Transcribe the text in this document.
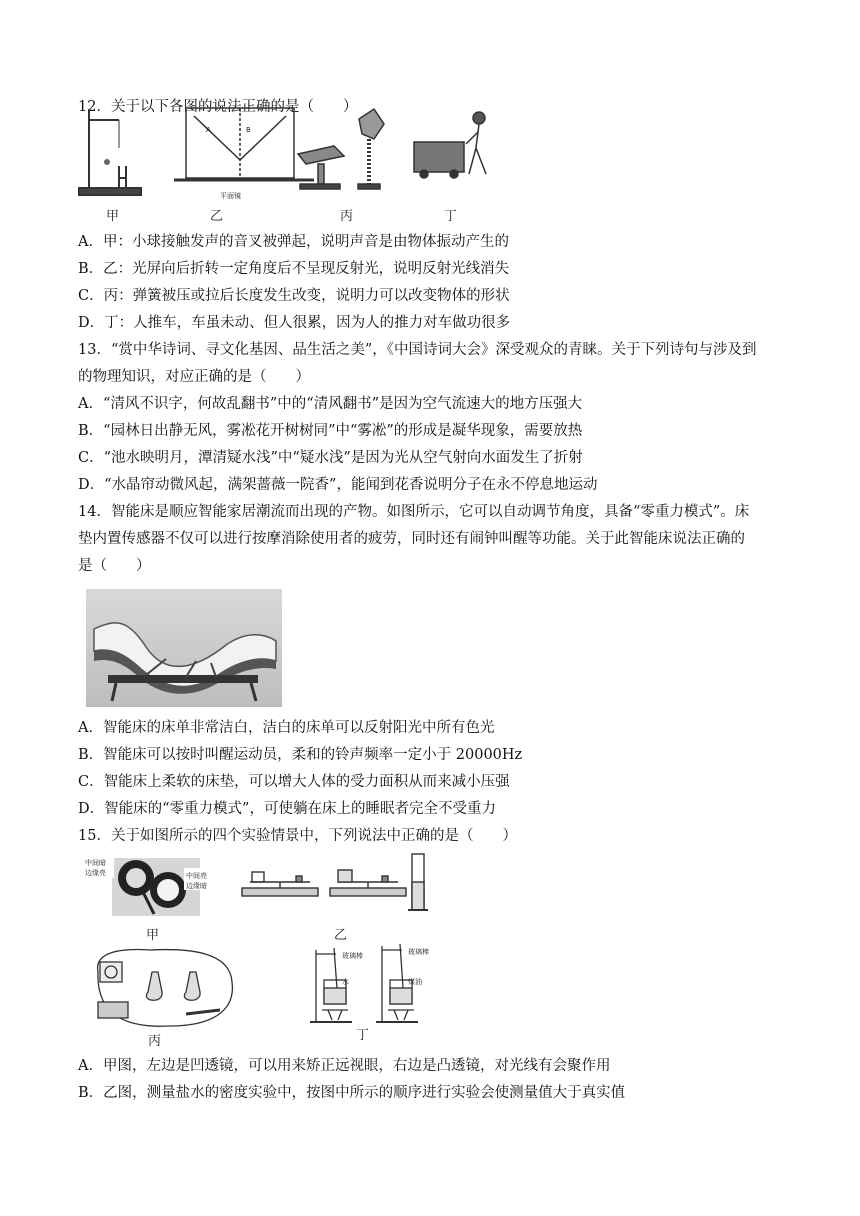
12．关于以下各图的说法正确的是（　　）
A	B
平面镜
甲	乙	丙	丁
A．甲：小球接触发声的音叉被弹起，说明声音是由物体振动产生的
B．乙：光屏向后折转一定角度后不呈现反射光，说明反射光线消失
C．丙：弹簧被压或拉后长度发生改变，说明力可以改变物体的形状
D．丁：人推车，车虽未动、但人很累，因为人的推力对车做功很多
13．“赏中华诗词、寻文化基因、品生活之美”，《中国诗词大会》深受观众的青睐。关于下列诗句与涉及到
的物理知识，对应正确的是（　　）
A．“清风不识字，何故乱翻书”中的“清风翻书”是因为空气流速大的地方压强大
B．“园林日出静无风，雾凇花开树树同”中“雾凇”的形成是凝华现象，需要放热
C．“池水映明月，潭清疑水浅”中“疑水浅”是因为光从空气射向水面发生了折射
D．“水晶帘动微风起，满架蔷薇一院香”，能闻到花香说明分子在永不停息地运动
14．智能床是顺应智能家居潮流而出现的产物。如图所示，它可以自动调节角度，具备“零重力模式”。床
垫内置传感器不仅可以进行按摩消除使用者的疲劳，同时还有闹钟叫醒等功能。关于此智能床说法正确的
是（　　）
A．智能床的床单非常洁白，洁白的床单可以反射阳光中所有色光
B．智能床可以按时叫醒运动员，柔和的铃声频率一定小于 20000Hz
C．智能床上柔软的床垫，可以增大人体的受力面积从而来减小压强
D．智能床的“零重力模式”，可使躺在床上的睡眠者完全不受重力
15．关于如图所示的四个实验情景中，下列说法中正确的是（　　）
中间暗
边缘亮	中间亮
边缘暗
甲	乙
丙
玻璃棒
水
玻璃棒
煤油
丁
A．甲图，左边是凹透镜，可以用来矫正远视眼，右边是凸透镜，对光线有会聚作用
B．乙图，测量盐水的密度实验中，按图中所示的顺序进行实验会使测量值大于真实值
